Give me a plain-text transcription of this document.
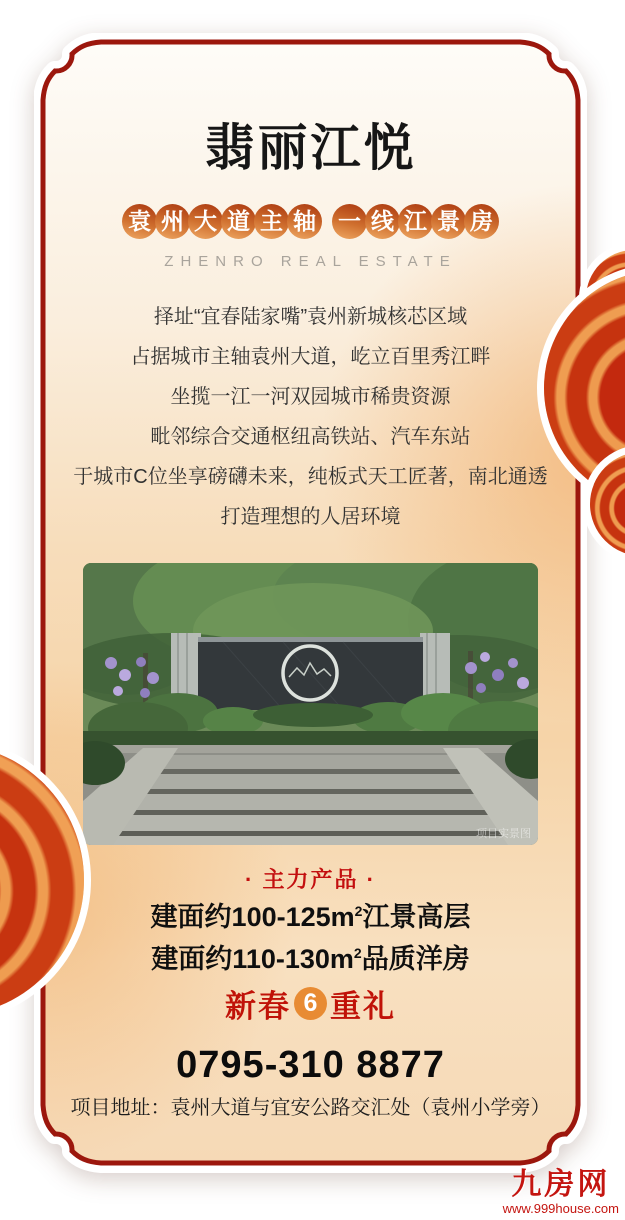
翡丽江悦
袁 州 大 道 主 轴 一 线 江 景 房
ZHENRO REAL ESTATE
择址“宜春陆家嘴”袁州新城核芯区域
占据城市主轴袁州大道，屹立百里秀江畔
坐揽一江一河双园城市稀贵资源
毗邻综合交通枢纽高铁站、汽车东站
于城市C位坐享磅礴未来，纯板式天工匠著，南北通透
打造理想的人居环境
项目实景图
· 主力产品 ·
建面约$100-125m^2$江景高层
建面约$110-130m^2$品质洋房
新春 6 重礼
0795-310 8877
项目地址：袁州大道与宜安公路交汇处（袁州小学旁）
九房网
www.999house.com
